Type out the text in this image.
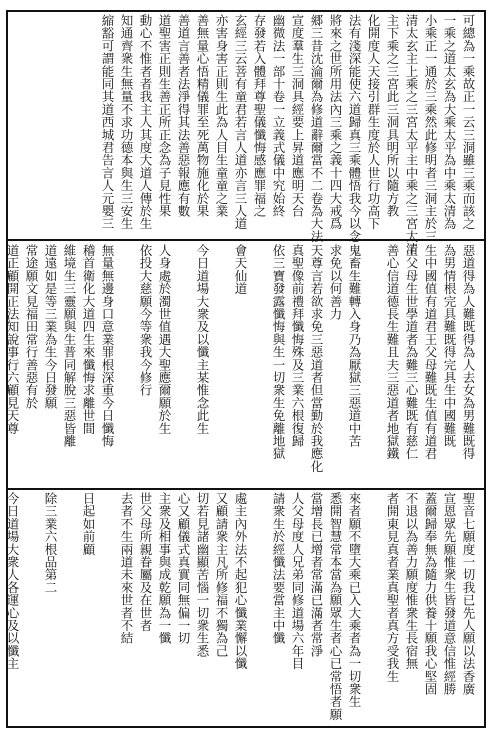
可總為一乘故正一云三洞雖三乘而該之
一乘之道太玄為大乘太平為中乘太清為
小乘正一通於三乘然此修明者三洞主於三
清太玄主上乘之三宮太平主中乘之三宮太清
主下乘之三宮此三洞具明所以隨方教
化開度人天接引群生度於人世行功高下
法有淺深能使六道歸真三乘體悟我今以念
將來之世所用法內三乘之義十四大戒爲
郷三昔沈淪爾為修道辭爾當不二卷為大法
宣度羣生三洞具經要上昇道應明天台
幽微法一部十卷一立義式儀中究始終
存發若入體拜尊聖儀懺悔感應罪福之
玄經三云菩有童君若言人道亦言三人道
亦害身害正則生此為人目生童童之業
善無量心悟精儀罪至死萬物施化於果
善道言善者法淨得其法善惡報應有數
道聖害正則生善正所正念為子見性果
動心不惟者者我主人其度大道人傳於生
知通齊衆生無量不求功德本與生三安生
縮豁可謂能同其道西城君告言人元嬰三
惡道得為人難既得為人去女為男難既得
為男情根完具難既得完具生中國難既
生中國值有道君王父母難既生值有道君
王父母生世學道者為難三心難既有慈仁
善心信道德長生難且夫三惡道者地獄鐵
鬼畜生難轉入身乃為厭獄三惡道中苦
求免以何善力
天尊言若欲求免三惡道者但當勤於我應化
真聖像前禮拜懺悔殊及三業六根復歸
依三寶發露懺悔與生一切衆生免離地獄
會天仙道
今日道場大衆及以懺主某惟念此生
人身處於濁世值遇大聖應爾願於生
依投大慈願今等衆我今修行
無量無邊身口意業罪根深重今日懺悔
稽首衛化大道四生來懺悔求離世間
維境生三靈願與生普同解脫三惡皆離
道遠如是等三業為生今日發願
常途願文見福田常行善惡有於
道正顧開正法知說事行六顧見天尊
聖音七願度一切我已先人願以法香廣
宣恩眾先願惟衆生皆發道意信惟經勝
蓋爾歸奉無為隨力供養十願我心堅固
不退以為善力願度惟衆生長宿無
者開東見真者業真聖者真方受我生
來者願不墮大乘已入大乘者為一切衆生
悉開智慧常本當為願眾生者心已常悟者願
當增長已增者常滿已滿者常淨
人父母度人兄弟同修道場六年目
請衆生於經懺法要當主中懺
處主內外法不起犯心懺業懈以懺
又顧請衆主凡所修福不獨為己
切若見諸幽顯苦惱一切衆生悉
心又顧儀式真實同無偏一切
主衆及相事與成乾願為一懺
世父母所親眷屬及在世者
去者不生兩道未來世者不結
日起如前顧
除三業六根品第二
今日道場大衆人各運心及以懺主
